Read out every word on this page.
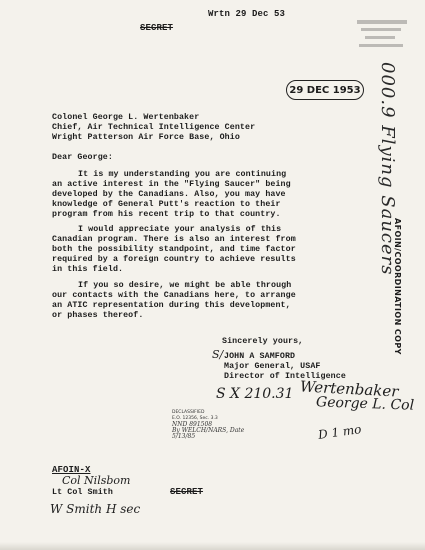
SECRET
Wrtn 29 Dec 53
29 DEC 1953 000.9 Flying Saucers
AFOIN/COORDINATION COPY
Colonel George L. Wertenbaker
Chief, Air Technical Intelligence Center
Wright Patterson Air Force Base, Ohio
Dear George:
It is my understanding you are continuing
an active interest in the "Flying Saucer" being
developed by the Canadians. Also, you may have
knowledge of General Putt's reaction to their
program from his recent trip to that country.
I would appreciate your analysis of this
Canadian program. There is also an interest from
both the possibility standpoint, and time factor
required by a foreign country to achieve results
in this field.
If you so desire, we might be able through
our contacts with the Canadians here, to arrange
an ATIC representation during this development,
or phases thereof.
Sincerely yours,
S/ JOHN A SAMFORD
Major General, USAF
Director of Intelligence
S X 210.31 Wertenbaker
George L. Col
D 1 mo
DECLASSIFIED
E.O. 12356, Sec. 3.3
NND 891508
By WELCH/NARS, Date 5/13/85
AFOIN-X
Col Nilsbom
Lt Col Smith	SECRET
W Smith H sec
